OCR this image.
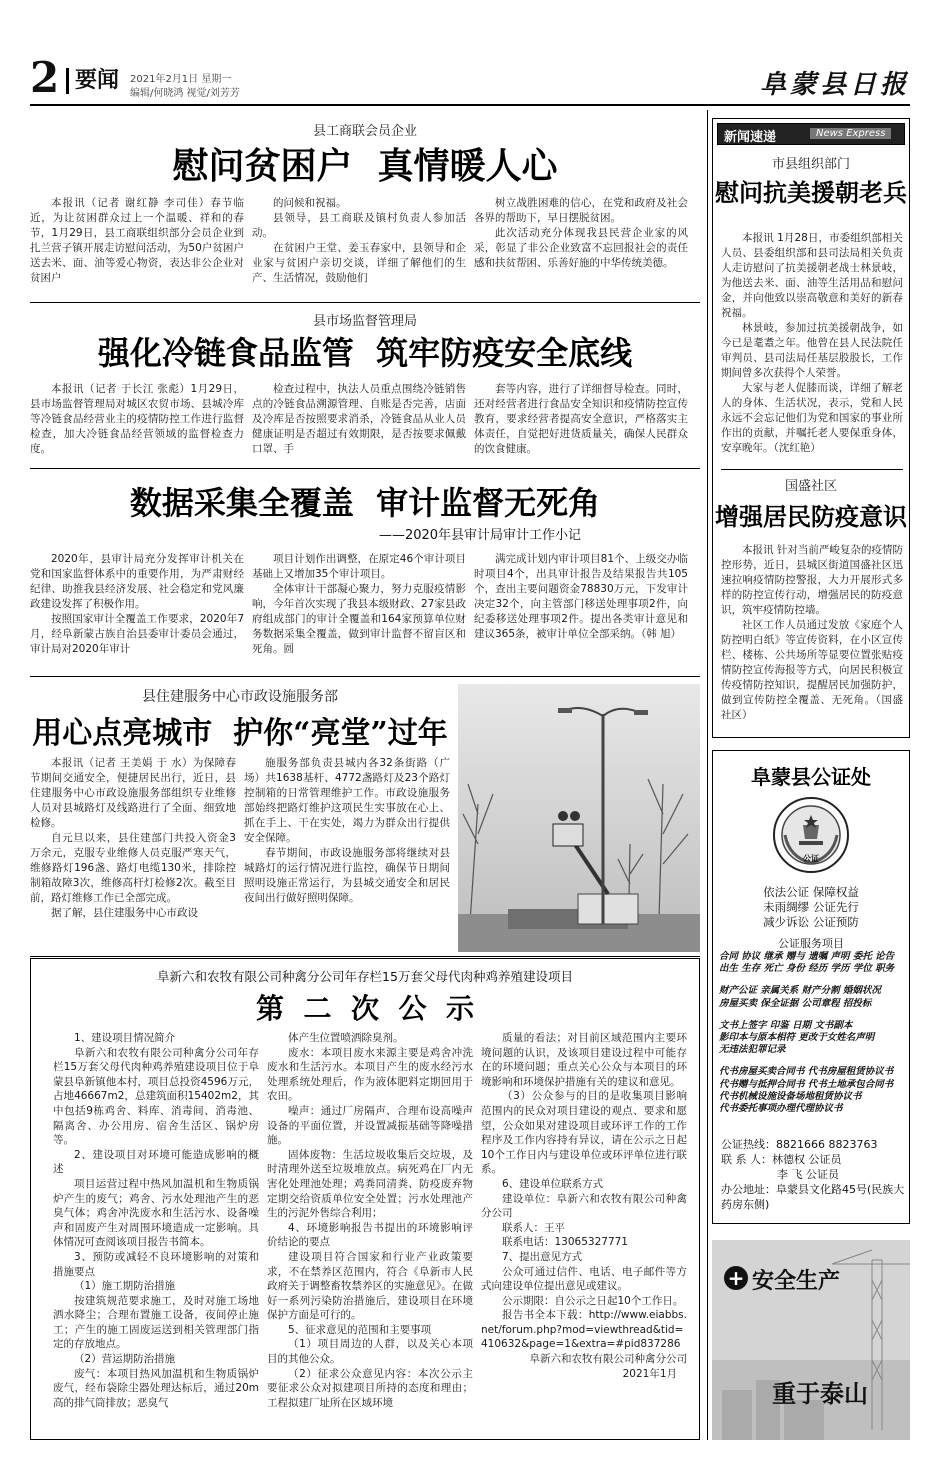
2 要闻 2021年2月1日 星期一
编辑/何晓鸿 视觉/刘芳芳	阜蒙县日报
县工商联会员企业
慰问贫困户  真情暖人心

本报讯（记者 谢红静 李司佳）春节临近，为让贫困群众过上一个温暖、祥和的春节，1月29日，县工商联组织部分会员企业到扎兰营子镇开展走访慰问活动，为50户贫困户送去米、面、油等爱心物资，表达非公企业对贫困户

的问候和祝福。

县领导，县工商联及镇村负责人参加活动。

在贫困户王堂、姜玉春家中，县领导和企业家与贫困户亲切交谈，详细了解他们的生产、生活情况，鼓励他们

树立战胜困难的信心，在党和政府及社会各界的帮助下，早日摆脱贫困。

此次活动充分体现我县民营企业家的风采，彰显了非公企业致富不忘回报社会的责任感和扶贫帮困、乐善好施的中华传统美德。

县市场监督管理局
强化冷链食品监管  筑牢防疫安全底线

本报讯（记者 于长江 张彪）1月29日，县市场监督管理局对城区农贸市场、县城冷库等冷链食品经营业主的疫情防控工作进行监督检查，加大冷链食品经营领域的监督检查力度。

检查过程中，执法人员重点围绕冷链销售点的冷链食品溯源管理、自账是否完善，店面及冷库是否按照要求消杀，冷链食品从业人员健康证明是否超过有效期限，是否按要求佩戴口罩、手

套等内容，进行了详细督导检查。同时，还对经营者进行食品安全知识和疫情防控宣传教育，要求经营者提高安全意识，严格落实主体责任，自觉把好进货质量关，确保人民群众的饮食健康。

数据采集全覆盖  审计监督无死角
——2020年县审计局审计工作小记

2020年，县审计局充分发挥审计机关在党和国家监督体系中的重要作用，为严肃财经纪律、助推我县经济发展、社会稳定和党风廉政建设发挥了积极作用。

按照国家审计全覆盖工作要求，2020年7月，经阜新蒙古族自治县委审计委员会通过，审计局对2020年审计

项目计划作出调整，在原定46个审计项目基础上又增加35个审计项目。

全体审计干部凝心聚力，努力克服疫情影响，今年首次实现了我县本级财政、27家县政府组成部门的审计全覆盖和164家预算单位财务数据采集全覆盖，做到审计监督不留盲区和死角。圆

满完成计划内审计项目81个、上级交办临时项目4个，出具审计报告及结果报告共105个，查出主要问题资金78830万元，下发审计决定32个，向主管部门移送处理事项2件，向纪委移送处理事项2件。提出各类审计意见和建议365条，被审计单位全部采纳。（韩 旭）

县住建服务中心市政设施服务部
用心点亮城市  护你“亮堂”过年

本报讯（记者 王美娟 于 水）为保障春节期间交通安全，便捷居民出行，近日，县住建服务中心市政设施服务部组织专业维修人员对县城路灯及线路进行了全面、细致地检修。

自元旦以来，县住建部门共投入资金3万余元，克服专业维修人员克服严寒天气，维修路灯196盏、路灯电缆130米，排除控制箱故障3次，维修高杆灯检修2次。截至目前，路灯维修工作已全部完成。

据了解，县住建服务中心市政设

施服务部负责县城内各32条街路（广场）共1638基杆、4772盏路灯及23个路灯控制箱的日常管理维护工作。市政设施服务部始终把路灯维护这项民生实事放在心上、抓在手上、干在实处，竭力为群众出行提供安全保障。

春节期间，市政设施服务部将继续对县城路灯的运行情况进行监控，确保节日期间照明设施正常运行，为县城交通安全和居民夜间出行做好照明保障。

阜新六和农牧有限公司种禽分公司年存栏15万套父母代肉种鸡养殖建设项目
第  二  次  公  示

1、建设项目情况简介

阜新六和农牧有限公司种禽分公司年存栏15万套父母代肉种鸡养殖建设项目位于阜蒙县阜新镇他本村，项目总投资4596万元，占地46667m2，总建筑面积15402m2，其中包括9栋鸡舍、料库、消毒间、消毒池、隔离舍、办公用房、宿舍生活区、锅炉房等。

2、建设项目对环境可能造成影响的概述

项目运营过程中热风加温机和生物质锅炉产生的废气；鸡舍、污水处理池产生的恶臭气体；鸡舍冲洗废水和生活污水、设备噪声和固废产生对周围环境造成一定影响。具体情况可查阅该项目报告书简本。

3、预防或减轻不良环境影响的对策和措施要点

（1）施工期防治措施

按建筑规范要求施工，及时对施工场地洒水降尘；合理布置施工设备，夜间停止施工；产生的施工固废运送到相关管理部门指定的存放地点。

（2）营运期防治措施

废气：本项目热风加温机和生物质锅炉废气，经布袋除尘器处理达标后，通过20m高的排气筒排放；恶臭气

体产生位置喷洒除臭剂。

废水：本项目废水来源主要是鸡舍冲洗废水和生活污水。本项目产生的废水经污水处理系统处理后，作为液体肥料定期回用于农田。

噪声：通过厂房隔声、合理布设高噪声设备的平面位置，并设置减振基础等降噪措施。

固体废物：生活垃圾收集后交垃圾，及时清理外送至垃圾堆放点。病死鸡在厂内无害化处理池处理；鸡粪同清粪、防疫废弃物定期交给资质单位安全处置；污水处理池产生的污泥外售综合利用；

4、环境影响报告书提出的环境影响评价结论的要点

建设项目符合国家和行业产业政策要求，不在禁养区范围内，符合《阜新市人民政府关于调整畜牧禁养区的实施意见》。在做好一系列污染防治措施后，建设项目在环境保护方面是可行的。

5、征求意见的范围和主要事项

（1）项目周边的人群，以及关心本项目的其他公众。

（2）征求公众意见内容：本次公示主要征求公众对拟建项目所持的态度和理由；工程拟建厂址所在区域环境

质量的看法；对目前区域范围内主要环境问题的认识，及该项目建设过程中可能存在的环境问题；重点关心公众与本项目的环境影响和环境保护措施有关的建议和意见。

（3）公众参与的目的是收集项目影响范围内的民众对项目建设的观点、要求和愿望，公众如果对建设项目或环评工作的工作程序及工作内容持有异议，请在公示之日起10个工作日内与建设单位或环评单位进行联系。

6、建设单位联系方式

建设单位：阜新六和农牧有限公司种禽分公司

联系人：王平

联系电话：13065327771

7、提出意见方式

公众可通过信件、电话、电子邮件等方式向建设单位提出意见或建议。

公示期限：自公示之日起10个工作日。

报告书全本下载：http://www.eiabbs.net/forum.php?mod=viewthread&tid=410632&page=1&extra=#pid837286

阜新六和农牧有限公司种禽分公司

2021年1月

新闻速递	News Express
市县组织部门
慰问抗美援朝老兵

本报讯 1月28日，市委组织部相关人员、县委组织部和县司法局相关负责人走访慰问了抗美援朝老战士林景岐，为他送去米、面、油等生活用品和慰问金，并向他致以崇高敬意和美好的新春祝福。

林景岐，参加过抗美援朝战争，如今已是耄耋之年。他曾在县人民法院任审判员、县司法局任基层股股长，工作期间曾多次获得个人荣誉。

大家与老人促膝而谈，详细了解老人的身体、生活状况，表示，党和人民永远不会忘记他们为党和国家的事业所作出的贡献，并嘱托老人要保重身体，安享晚年。（沈红艳）

国盛社区
增强居民防疫意识

本报讯 针对当前严峻复杂的疫情防控形势，近日，县城区街道国盛社区迅速拉响疫情防控警报，大力开展形式多样的防控宣传行动，增强居民的防疫意识，筑牢疫情防控墙。

社区工作人员通过发放《家庭个人防控明白纸》等宣传资料，在小区宣传栏、楼栋、公共场所等显要位置张贴疫情防控宣传海报等方式，向居民积极宣传疫情防控知识，提醒居民加强防护，做到宣传防控全覆盖、无死角。（国盛社区）

阜蒙县公证处
公证
依法公证 保障权益
未雨绸缪 公证先行
减少诉讼 公证预防
公证服务项目
合同 协议 继承 赠与 遗嘱 声明 委托 论告
出生 生存 死亡 身份 经历 学历 学位 职务
财产公证 亲属关系 财产分割 婚姻状况
房屋买卖 保全证据 公司章程 招投标
文书上签字 印鉴 日期 文书副本
影印本与原本相符 更改于女姓名声明
无违法犯罪记录
代书房屋买卖合同书 代书房屋租赁协议书
代书赠与抵押合同书 代书土地承包合同书
代书机械设施设备场地租赁协议书
代书委托事项办理代理协议书
公证热线：8821666 8823763
联 系 人：林德权 公证员
李 飞 公证员
办公地址：阜蒙县文化路45号(民族大药房东侧)
+ 安全生产
重于泰山
